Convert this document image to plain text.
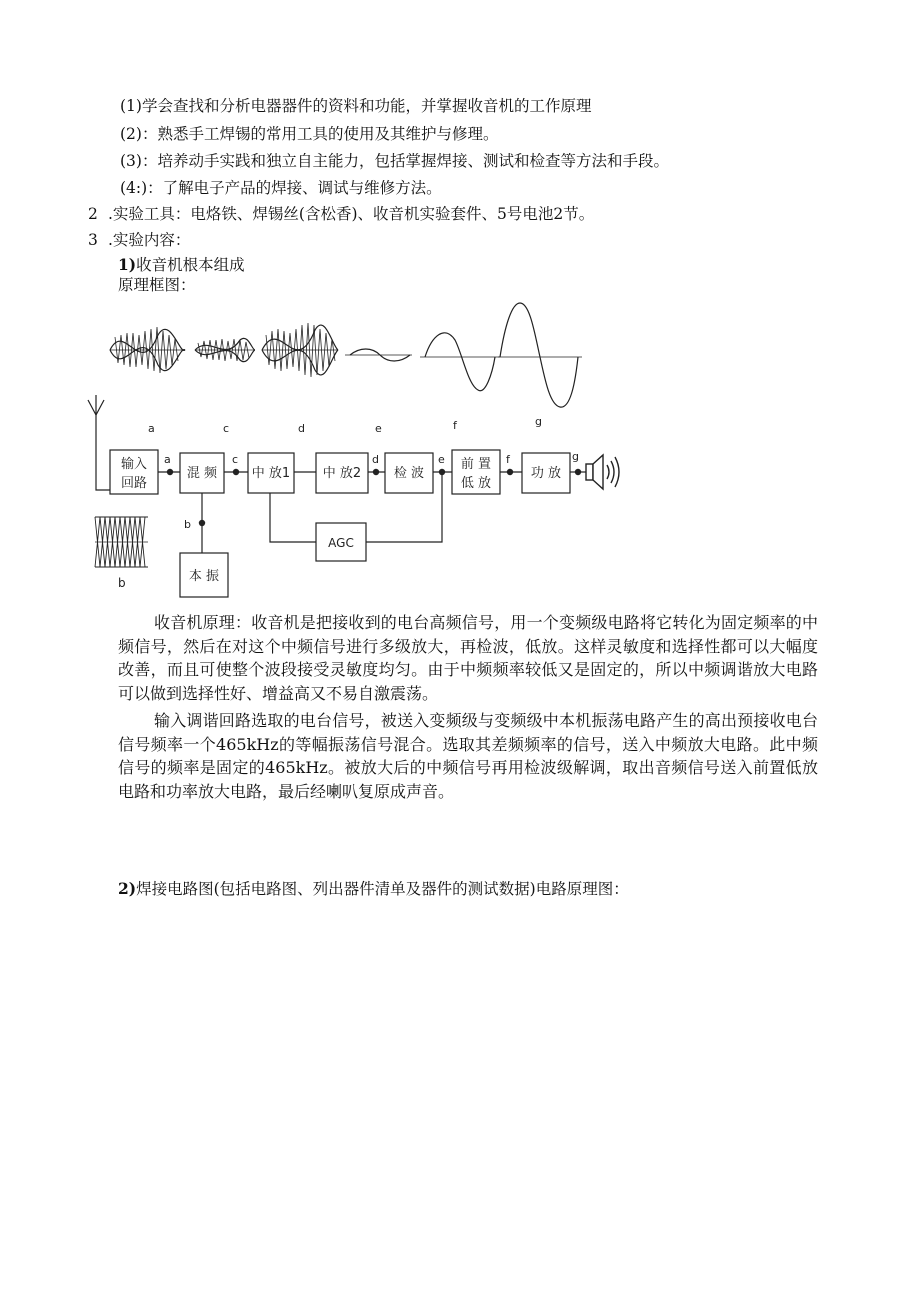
(1)学会查找和分析电器器件的资料和功能，并掌握收音机的工作原理
(2)：熟悉手工焊锡的常用工具的使用及其维护与修理。
(3)：培养动手实践和独立自主能力，包括掌握焊接、测试和检查等方法和手段。
(4:)：了解电子产品的焊接、调试与维修方法。
2 .实验工具：电烙铁、焊锡丝(含松香)、收音机实验套件、5号电池2节。
3 .实验内容：
1)收音机根本组成
原理框图：
a	c	d	e	f	g
a	c	d	e	f	g
b
输入
回路
混 频	中 放1	中 放2	检 波
前 置
低 放
功 放
AGC
本 振
b
收音机原理：收音机是把接收到的电台高频信号，用一个变频级电路将它转化为固定频率的中频信号，然后在对这个中频信号进行多级放大，再检波，低放。这样灵敏度和选择性都可以大幅度改善，而且可使整个波段接受灵敏度均匀。由于中频频率较低又是固定的，所以中频调谐放大电路可以做到选择性好、增益高又不易自激震荡。
输入调谐回路选取的电台信号，被送入变频级与变频级中本机振荡电路产生的高出预接收电台信号频率一个465kHz的等幅振荡信号混合。选取其差频频率的信号，送入中频放大电路。此中频信号的频率是固定的465kHz。被放大后的中频信号再用检波级解调，取出音频信号送入前置低放电路和功率放大电路，最后经喇叭复原成声音。
2)焊接电路图(包括电路图、列出器件清单及器件的测试数据)电路原理图：
